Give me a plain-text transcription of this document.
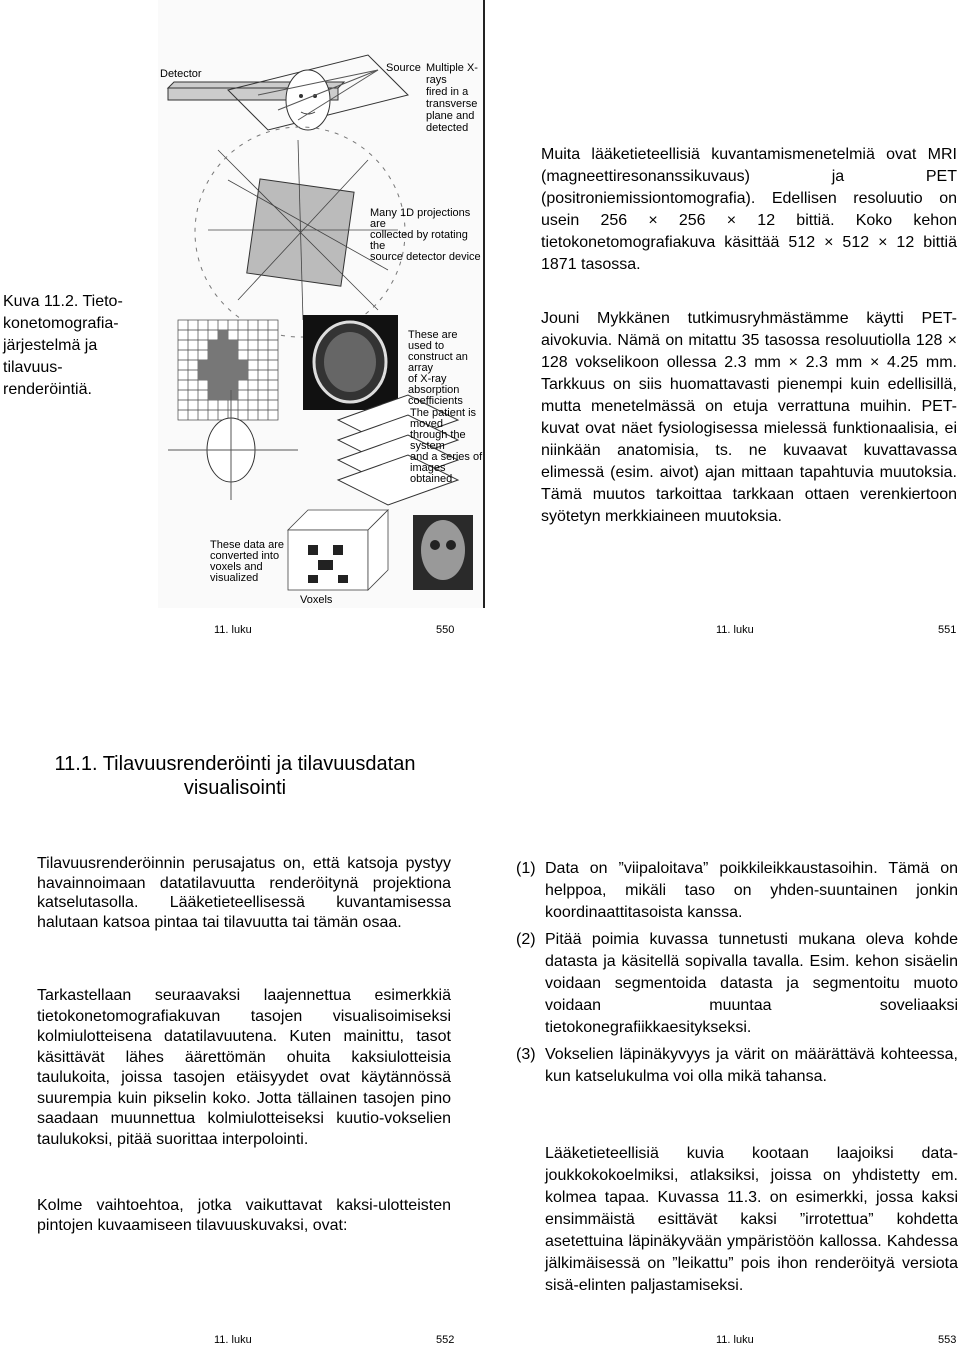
Detector	Source Multiple X-rays
fired in a transverse
plane and detected
Many 1D projections are
collected by rotating the
source detector device
These are used to
construct an array
of X-ray absorption
coefficients
The patient is moved
through the system
and a series of images
obtained
These data are
converted into
voxels and
visualized
Voxels
Kuva 11.2. Tieto-
konetomografia-
järjestelmä ja
tilavuus-
renderöintiä.
Muita lääketieteellisiä kuvantamismenetelmiä ovat MRI (magneettiresonanssikuvaus) ja PET (positroniemissiontomografia). Edellisen resoluutio on usein 256 × 256 × 12 bittiä. Koko kehon tietokonetomografiakuva käsittää 512 × 512 × 12 bittiä 1871 tasossa.
Jouni Mykkänen tutkimusryhmästämme käytti PET-aivokuvia. Nämä on mitattu 35 tasossa resoluutiolla 128 × 128 vokselikoon ollessa 2.3 mm × 2.3 mm × 4.25 mm. Tarkkuus on siis huomattavasti pienempi kuin edellisillä, mutta menetelmässä on etuja verrattuna muihin. PET-kuvat ovat näet fysiologisessa mielessä funktionaalisia, ei niinkään anatomisia, ts. ne kuvaavat kuvattavassa elimessä (esim. aivot) ajan mittaan tapahtuvia muutoksia. Tämä muutos tarkoittaa tarkkaan ottaen verenkiertoon syötetyn merkkiaineen muutoksia.
11. luku	550	11. luku	551
11.1. Tilavuusrenderöinti ja tilavuusdatan
visualisointi
Tilavuusrenderöinnin perusajatus on, että katsoja pystyy havainnoimaan datatilavuutta renderöitynä projektiona katselutasolla. Lääketieteellisessä kuvantamisessa halutaan katsoa pintaa tai tilavuutta tai tämän osaa.
Tarkastellaan seuraavaksi laajennettua esimerkkiä tietokonetomografiakuvan tasojen visualisoimiseksi kolmiulotteisena datatilavuutena. Kuten mainittu, tasot käsittävät lähes äärettömän ohuita kaksiulotteisia taulukoita, joissa tasojen etäisyydet ovat käytännössä suurempia kuin pikselin koko. Jotta tällainen tasojen pino saadaan muunnettua kolmiulotteiseksi kuutio-vokselien taulukoksi, pitää suorittaa interpolointi.
Kolme vaihtoehtoa, jotka vaikuttavat kaksi-ulotteisten pintojen kuvaamiseen tilavuuskuvaksi, ovat:
(1) Data on ”viipaloitava” poikkileikkaustasoihin. Tämä on helppoa, mikäli taso on yhden-suuntainen jonkin koordinaattitasoista kanssa.
(2) Pitää poimia kuvassa tunnetusti mukana oleva kohde datasta ja käsitellä sopivalla tavalla. Esim. kehon sisäelin voidaan segmentoida datasta ja segmentoitu muoto voidaan muuntaa soveliaaksi tietokonegrafiikkaesitykseksi.
(3) Vokselien läpinäkyvyys ja värit on määrättävä kohteessa, kun katselukulma voi olla mikä tahansa.
Lääketieteellisiä kuvia kootaan laajoiksi data-joukkokokoelmiksi, atlaksiksi, joissa on yhdistetty em. kolmea tapaa. Kuvassa 11.3. on esimerkki, jossa kaksi ensimmäistä esittävät kaksi ”irrotettua” kohdetta asetettuina läpinäkyvään ympäristöön kallossa. Kahdessa jälkimäisessä on ”leikattu” pois ihon renderöityä versiota sisä-elinten paljastamiseksi.
11. luku	552	11. luku	553
